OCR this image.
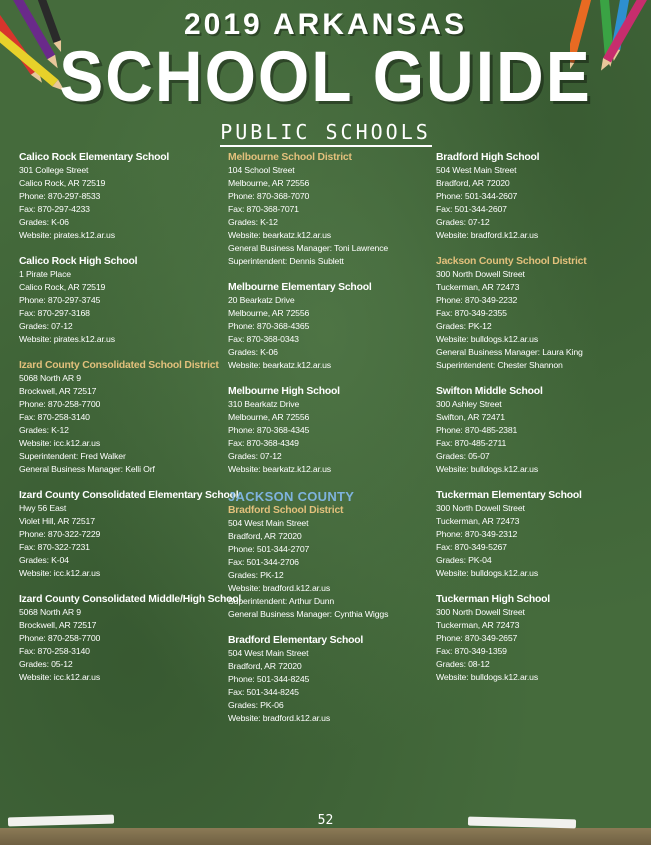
2019 ARKANSAS
SCHOOL GUIDE
PUBLIC SCHOOLS
Calico Rock Elementary School
301 College Street
Calico Rock, AR 72519
Phone: 870-297-8533
Fax: 870-297-4233
Grades: K-06
Website: pirates.k12.ar.us
Calico Rock High School
1 Pirate Place
Calico Rock, AR 72519
Phone: 870-297-3745
Fax: 870-297-3168
Grades: 07-12
Website: pirates.k12.ar.us
Izard County Consolidated School District
5068 North AR 9
Brockwell, AR 72517
Phone: 870-258-7700
Fax: 870-258-3140
Grades: K-12
Website: icc.k12.ar.us
Superintendent: Fred Walker
General Business Manager: Kelli Orf
Izard County Consolidated Elementary School
Hwy 56 East
Violet Hill, AR 72517
Phone: 870-322-7229
Fax: 870-322-7231
Grades: K-04
Website: icc.k12.ar.us
Izard County Consolidated Middle/High School
5068 North AR 9
Brockwell, AR 72517
Phone: 870-258-7700
Fax: 870-258-3140
Grades: 05-12
Website: icc.k12.ar.us
Melbourne School District
104 School Street
Melbourne, AR 72556
Phone: 870-368-7070
Fax: 870-368-7071
Grades: K-12
Website: bearkatz.k12.ar.us
General Business Manager: Toni Lawrence
Superintendent: Dennis Sublett
Melbourne Elementary School
20 Bearkatz Drive
Melbourne, AR 72556
Phone: 870-368-4365
Fax: 870-368-0343
Grades: K-06
Website: bearkatz.k12.ar.us
Melbourne High School
310 Bearkatz Drive
Melbourne, AR 72556
Phone: 870-368-4345
Fax: 870-368-4349
Grades: 07-12
Website: bearkatz.k12.ar.us
JACKSON COUNTY
Bradford School District
504 West Main Street
Bradford, AR 72020
Phone: 501-344-2707
Fax: 501-344-2706
Grades: PK-12
Website: bradford.k12.ar.us
Superintendent: Arthur Dunn
General Business Manager: Cynthia Wiggs
Bradford Elementary School
504 West Main Street
Bradford, AR 72020
Phone: 501-344-8245
Fax: 501-344-8245
Grades: PK-06
Website: bradford.k12.ar.us
Bradford High School
504 West Main Street
Bradford, AR 72020
Phone: 501-344-2607
Fax: 501-344-2607
Grades: 07-12
Website: bradford.k12.ar.us
Jackson County School District
300 North Dowell Street
Tuckerman, AR 72473
Phone: 870-349-2232
Fax: 870-349-2355
Grades: PK-12
Website: bulldogs.k12.ar.us
General Business Manager: Laura King
Superintendent: Chester Shannon
Swifton Middle School
300 Ashley Street
Swifton, AR 72471
Phone: 870-485-2381
Fax: 870-485-2711
Grades: 05-07
Website: bulldogs.k12.ar.us
Tuckerman Elementary School
300 North Dowell Street
Tuckerman, AR 72473
Phone: 870-349-2312
Fax: 870-349-5267
Grades: PK-04
Website: bulldogs.k12.ar.us
Tuckerman High School
300 North Dowell Street
Tuckerman, AR 72473
Phone: 870-349-2657
Fax: 870-349-1359
Grades: 08-12
Website: bulldogs.k12.ar.us
52
